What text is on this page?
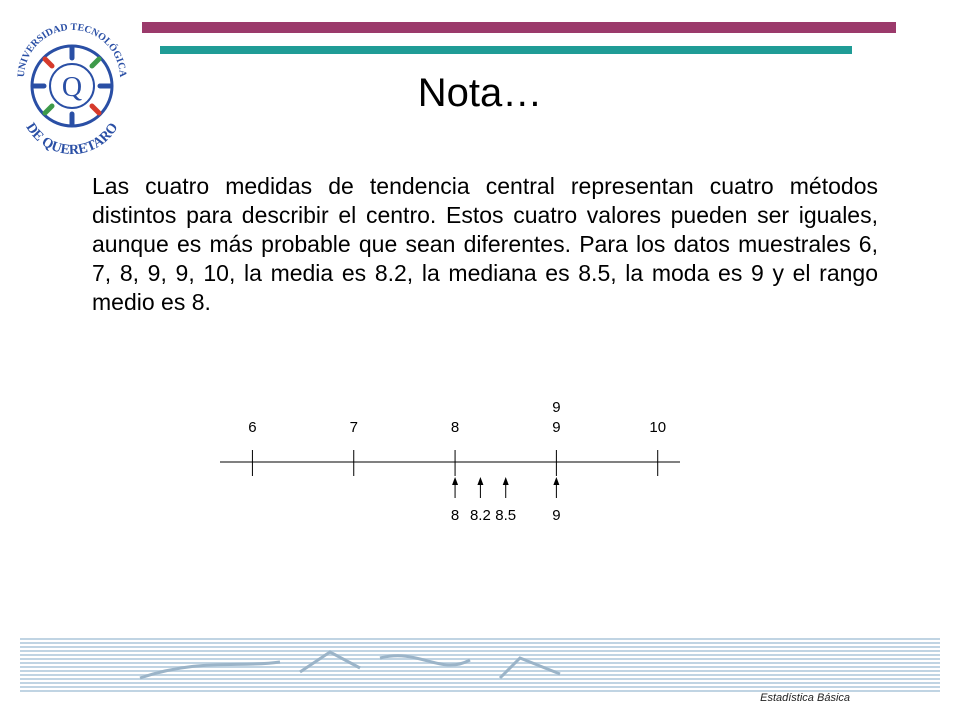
Q
UNIVERSIDAD TECNOLÓGICA
DE QUERETARO
Nota…
Las cuatro medidas de tendencia central representan cuatro métodos distintos para describir el centro. Estos cuatro valores pueden ser iguales, aunque es más probable que sean diferentes. Para los datos muestrales 6, 7, 8, 9, 9, 10, la media es 8.2, la mediana es 8.5, la moda es 9 y el rango medio es 8.
6	7	8	9
9
10
8 8.2 8.5 9
Estadística Básica
